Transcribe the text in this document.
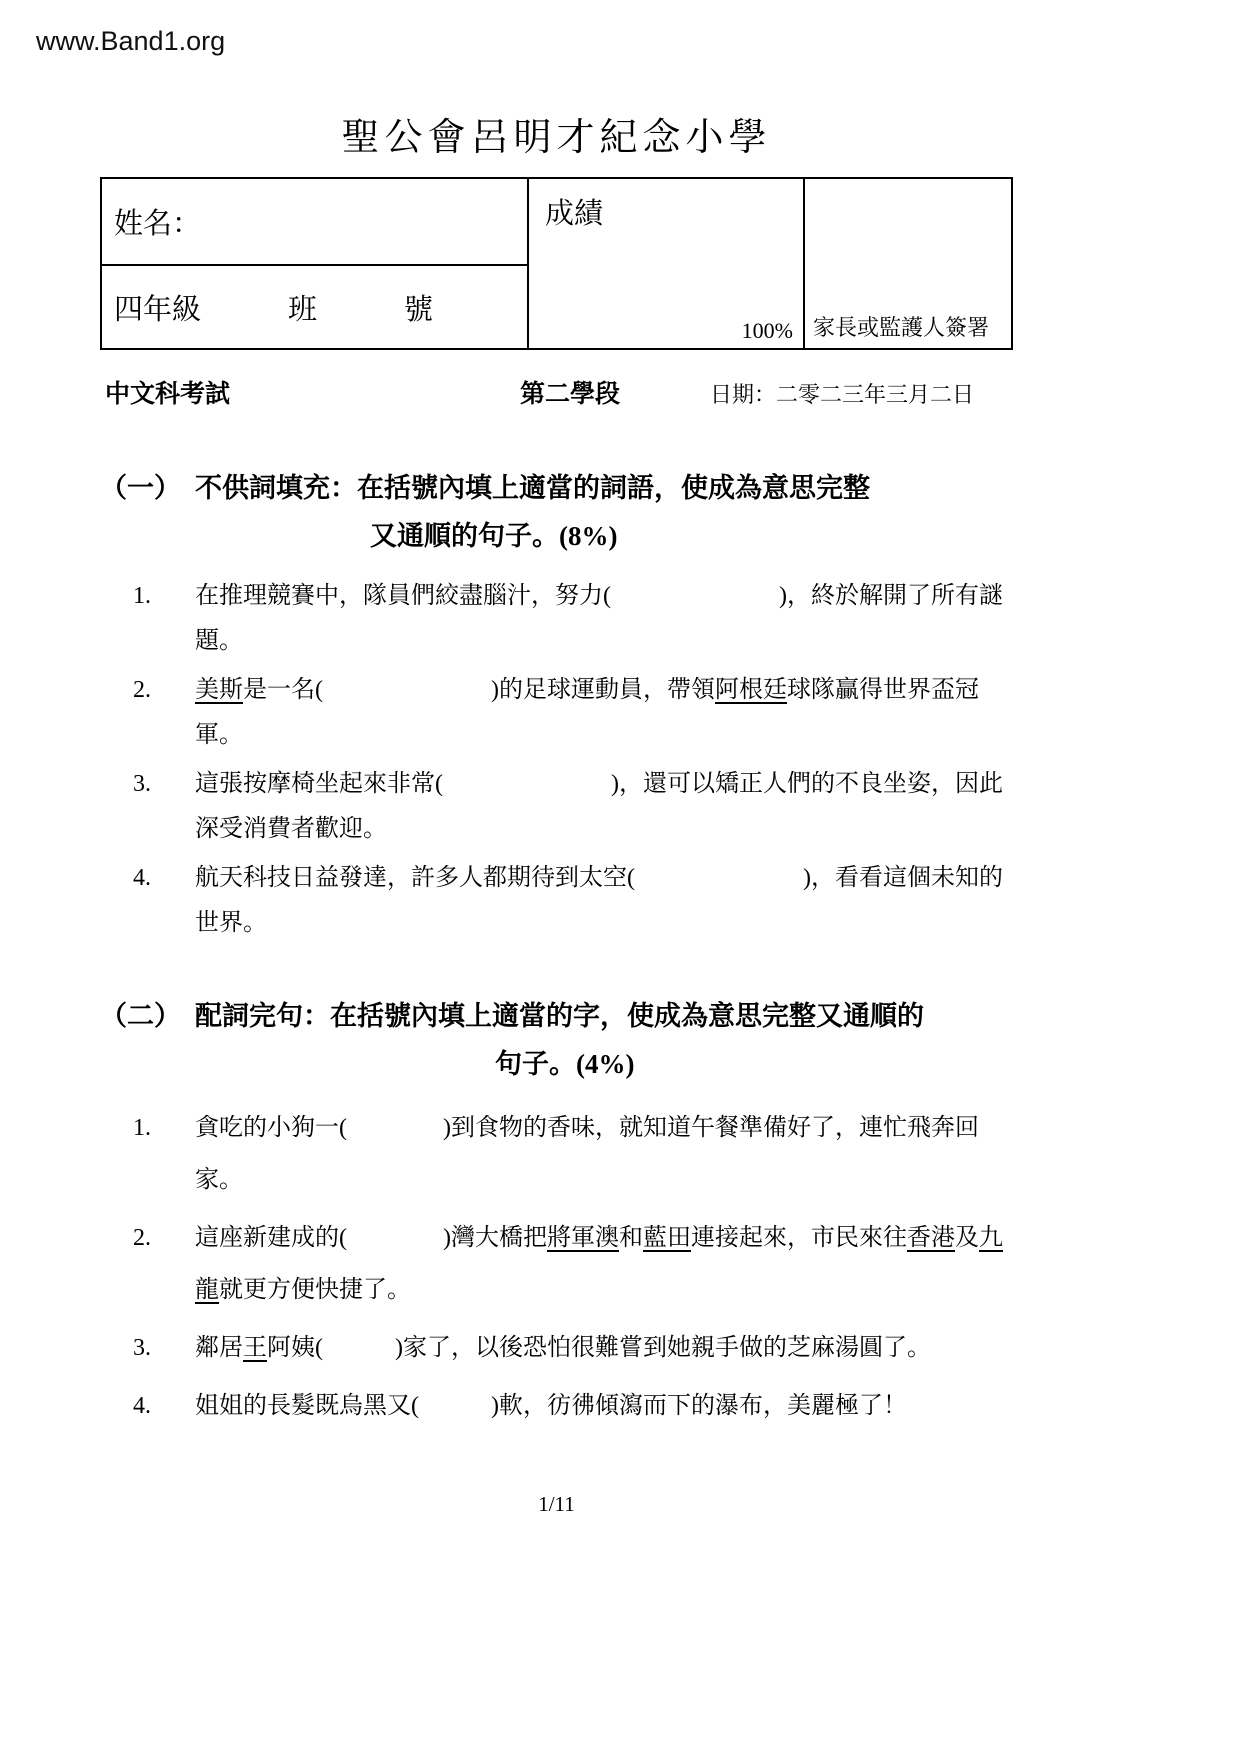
www.Band1.org
聖公會呂明才紀念小學
姓名：
四年級　　　班　　　號
成績
100% 家長或監護人簽署
中文科考試	第二學段	日期：二零二三年三月二日
（一） 不供詞填充：在括號內填上適當的詞語，使成為意思完整
又通順的句子。(8%)
1.	在推理競賽中，隊員們絞盡腦汁，努力(　　　　　　　)，終於解開了所有謎題。
2.	美斯是一名(　　　　　　　)的足球運動員，帶領阿根廷球隊贏得世界盃冠軍。
3.	這張按摩椅坐起來非常(　　　　　　　)，還可以矯正人們的不良坐姿，因此深受消費者歡迎。
4.	航天科技日益發達，許多人都期待到太空(　　　　　　　)，看看這個未知的世界。
（二） 配詞完句：在括號內填上適當的字，使成為意思完整又通順的
句子。(4%)
1.	貪吃的小狗一(　　　　)到食物的香味，就知道午餐準備好了，連忙飛奔回家。
2.	這座新建成的(　　　　)灣大橋把將軍澳和藍田連接起來，市民來往香港及九龍就更方便快捷了。
3.	鄰居王阿姨(　　　)家了，以後恐怕很難嘗到她親手做的芝麻湯圓了。
4.	姐姐的長髮既烏黑又(　　　)軟，彷彿傾瀉而下的瀑布，美麗極了！
1/11
